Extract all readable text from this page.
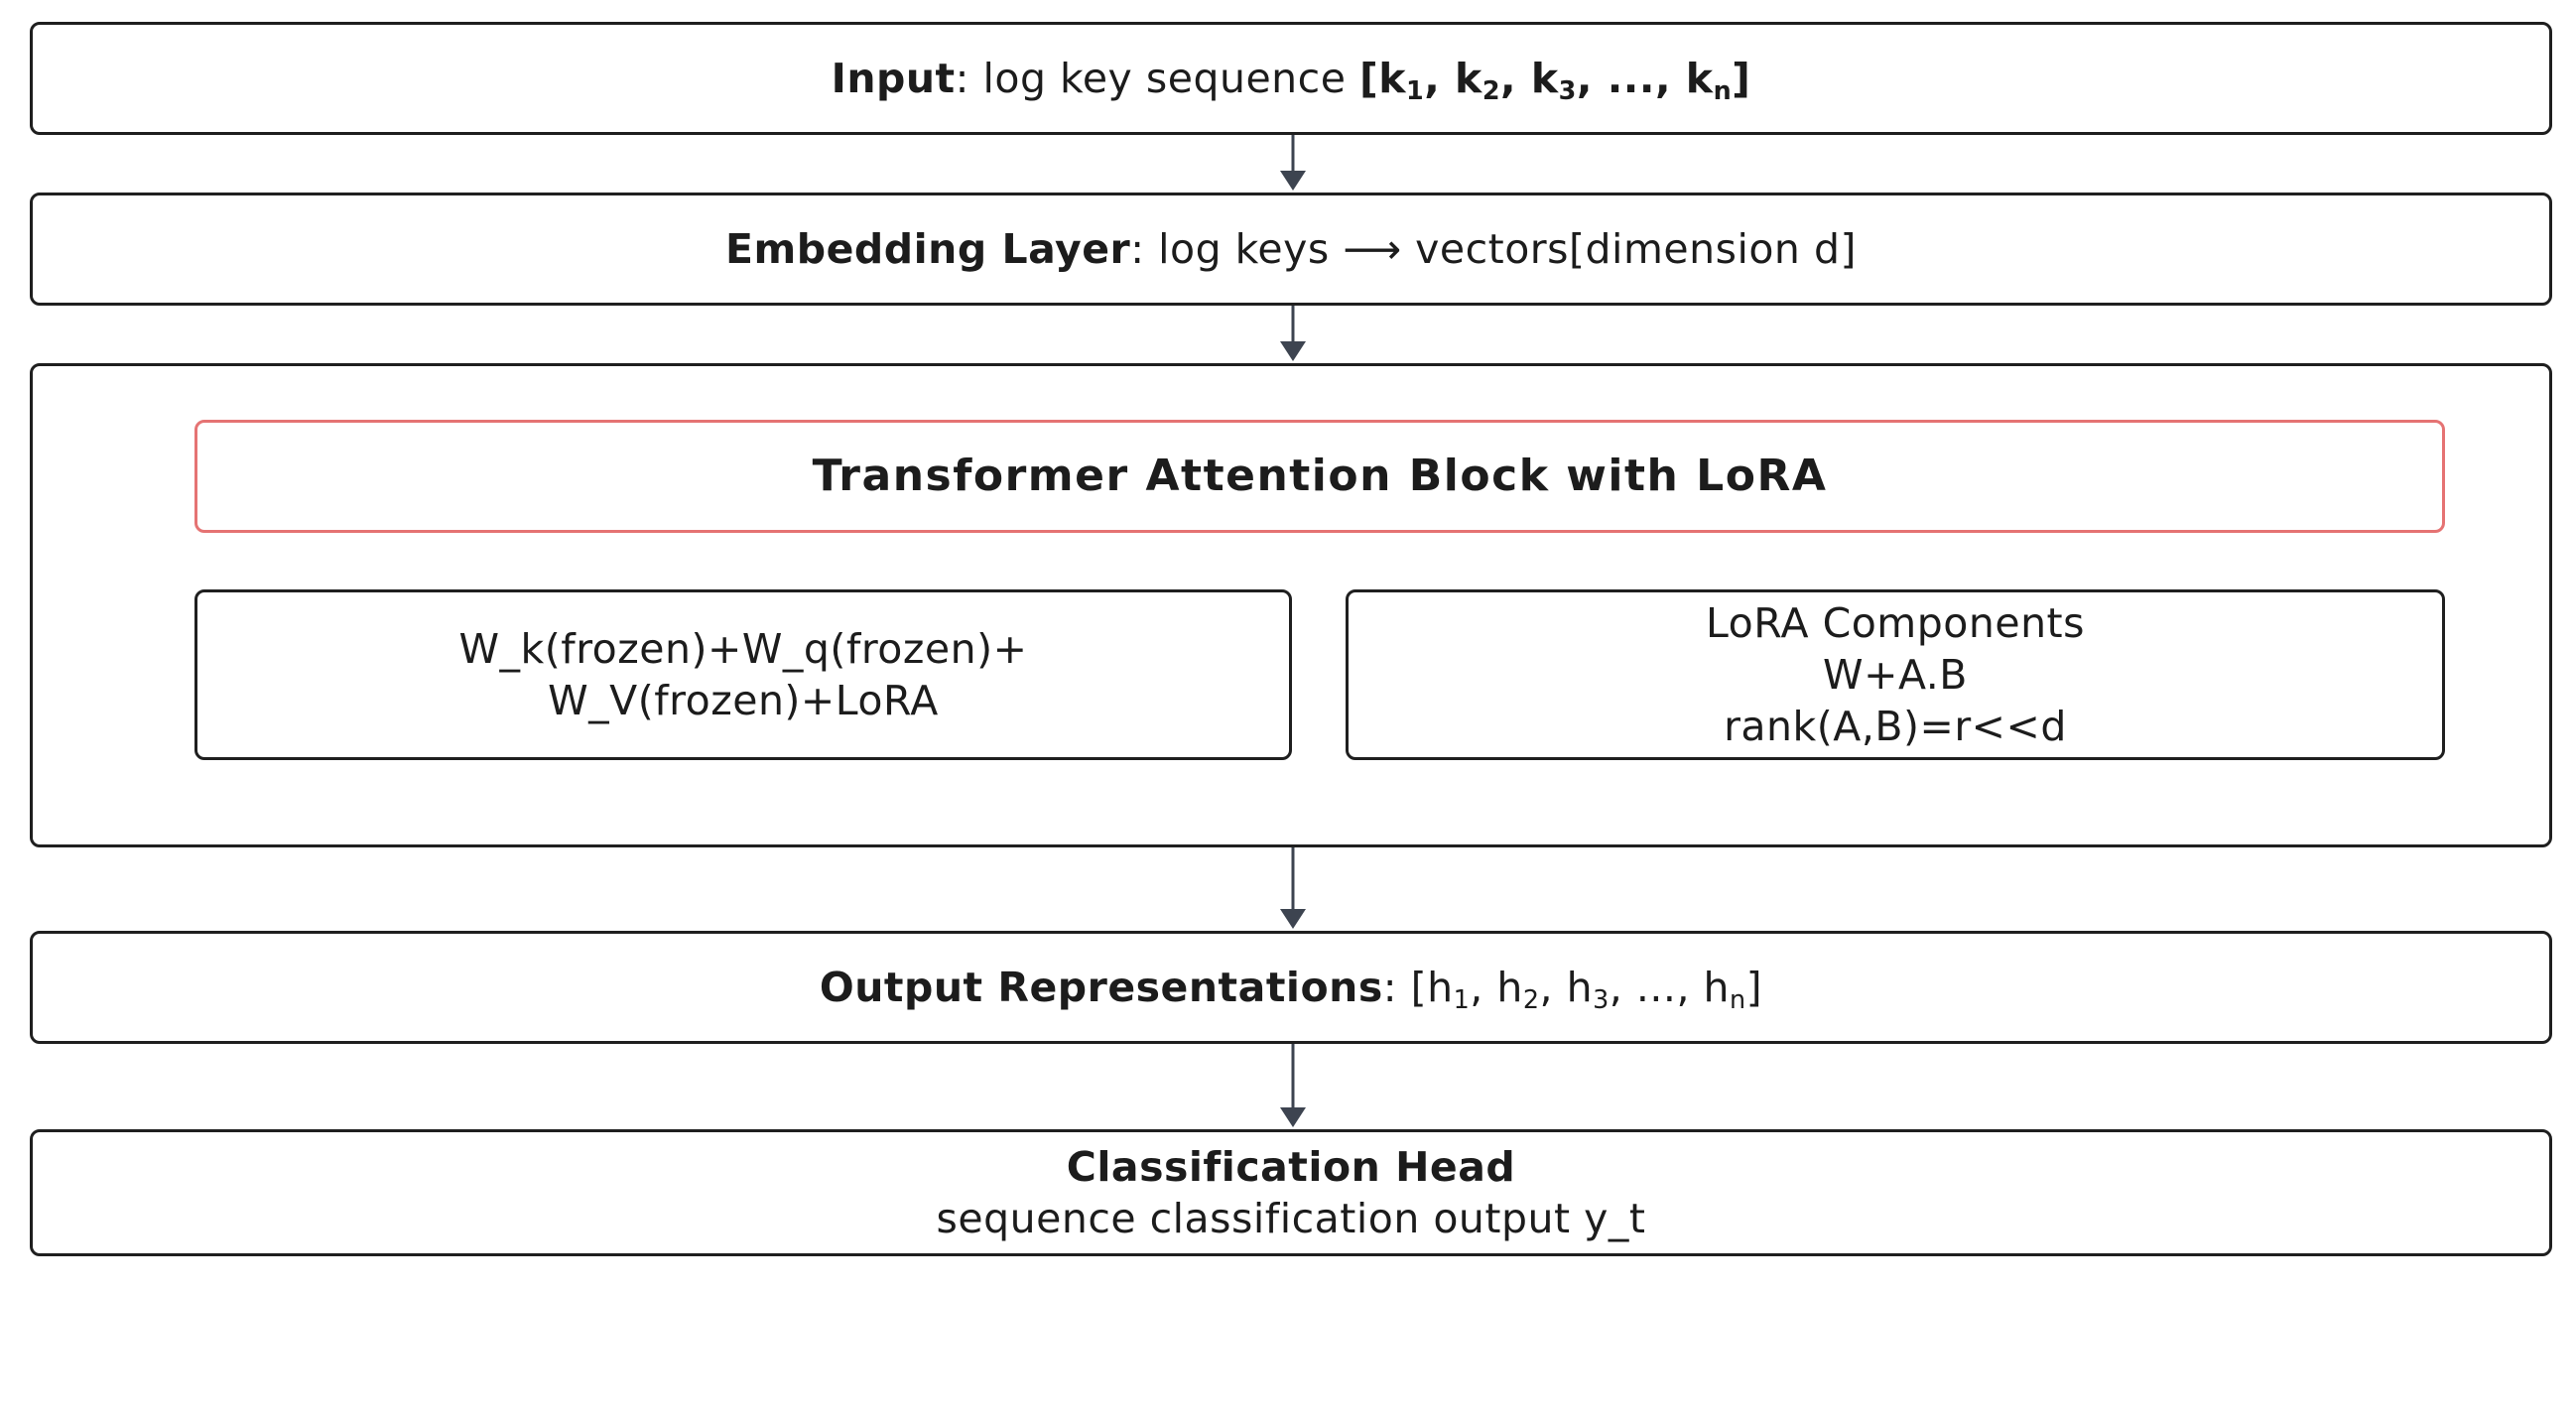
Input: log key sequence [$k_1$, $k_2$, $k_3$, ..., $k_n$]
Embedding Layer: log keys ⟶ vectors[dimension d]
Transformer Attention Block with LoRA
W_k(frozen)+W_q(frozen)+
W_V(frozen)+LoRA
LoRA Components
W+A.B
rank(A,B)=r<<d
Output Representations: [$h_1$, $h_2$, $h_3$, ..., $h_n$]
Classification Head
sequence classification output y_t
